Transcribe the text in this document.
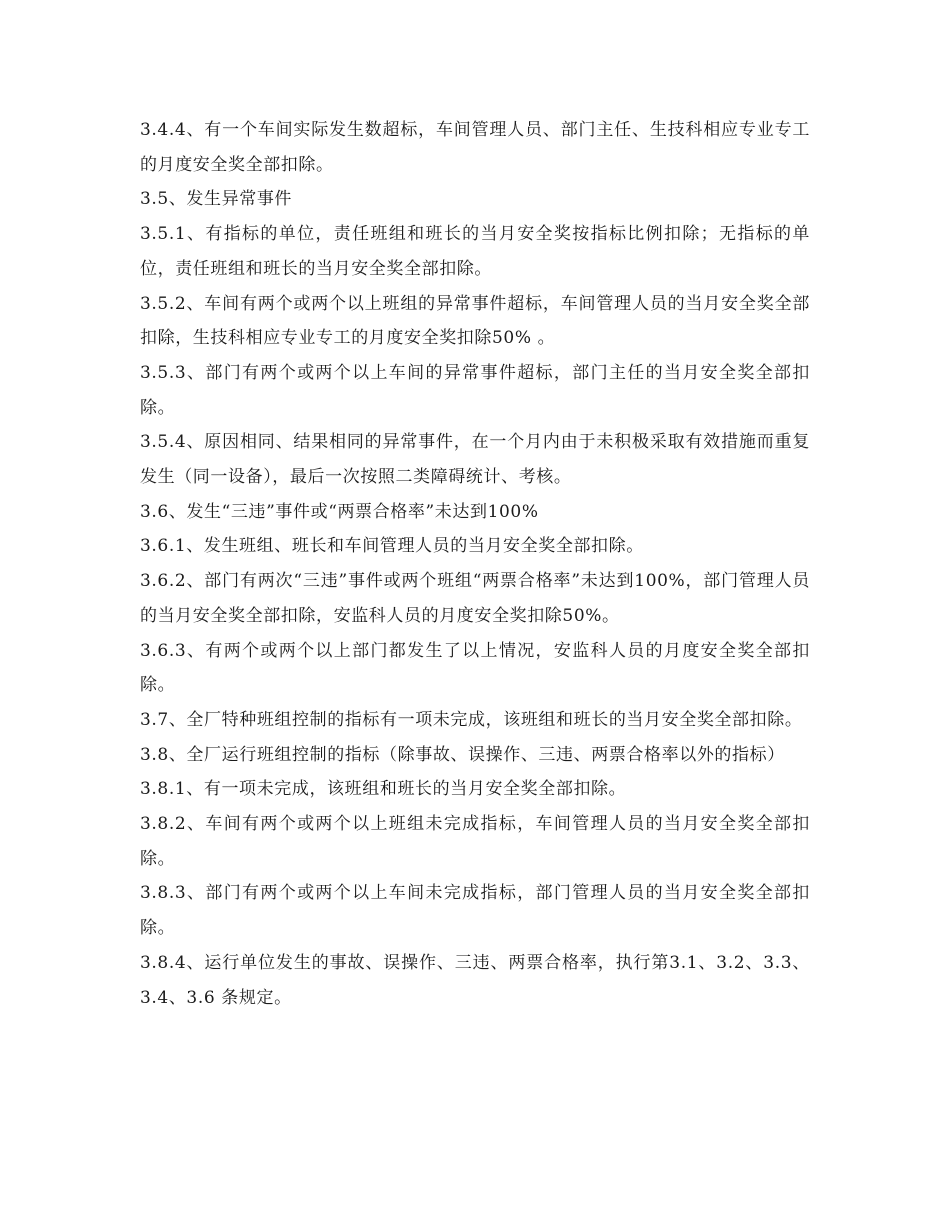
3.4.4、有一个车间实际发生数超标，车间管理人员、部门主任、生技科相应专业专工的月度安全奖全部扣除。

3.5、发生异常事件

3.5.1、有指标的单位，责任班组和班长的当月安全奖按指标比例扣除；无指标的单位，责任班组和班长的当月安全奖全部扣除。

3.5.2、车间有两个或两个以上班组的异常事件超标，车间管理人员的当月安全奖全部扣除，生技科相应专业专工的月度安全奖扣除50% 。

3.5.3、部门有两个或两个以上车间的异常事件超标，部门主任的当月安全奖全部扣除。

3.5.4、原因相同、结果相同的异常事件，在一个月内由于未积极采取有效措施而重复发生（同一设备），最后一次按照二类障碍统计、考核。

3.6、发生“三违”事件或“两票合格率”未达到100%

3.6.1、发生班组、班长和车间管理人员的当月安全奖全部扣除。

3.6.2、部门有两次“三违”事件或两个班组“两票合格率”未达到100%，部门管理人员的当月安全奖全部扣除，安监科人员的月度安全奖扣除50%。

3.6.3、有两个或两个以上部门都发生了以上情况，安监科人员的月度安全奖全部扣除。

3.7、全厂特种班组控制的指标有一项未完成，该班组和班长的当月安全奖全部扣除。

3.8、全厂运行班组控制的指标（除事故、误操作、三违、两票合格率以外的指标）

3.8.1、有一项未完成，该班组和班长的当月安全奖全部扣除。

3.8.2、车间有两个或两个以上班组未完成指标，车间管理人员的当月安全奖全部扣除。

3.8.3、部门有两个或两个以上车间未完成指标，部门管理人员的当月安全奖全部扣除。

3.8.4、运行单位发生的事故、误操作、三违、两票合格率，执行第3.1、3.2、3.3、3.4、3.6 条规定。
